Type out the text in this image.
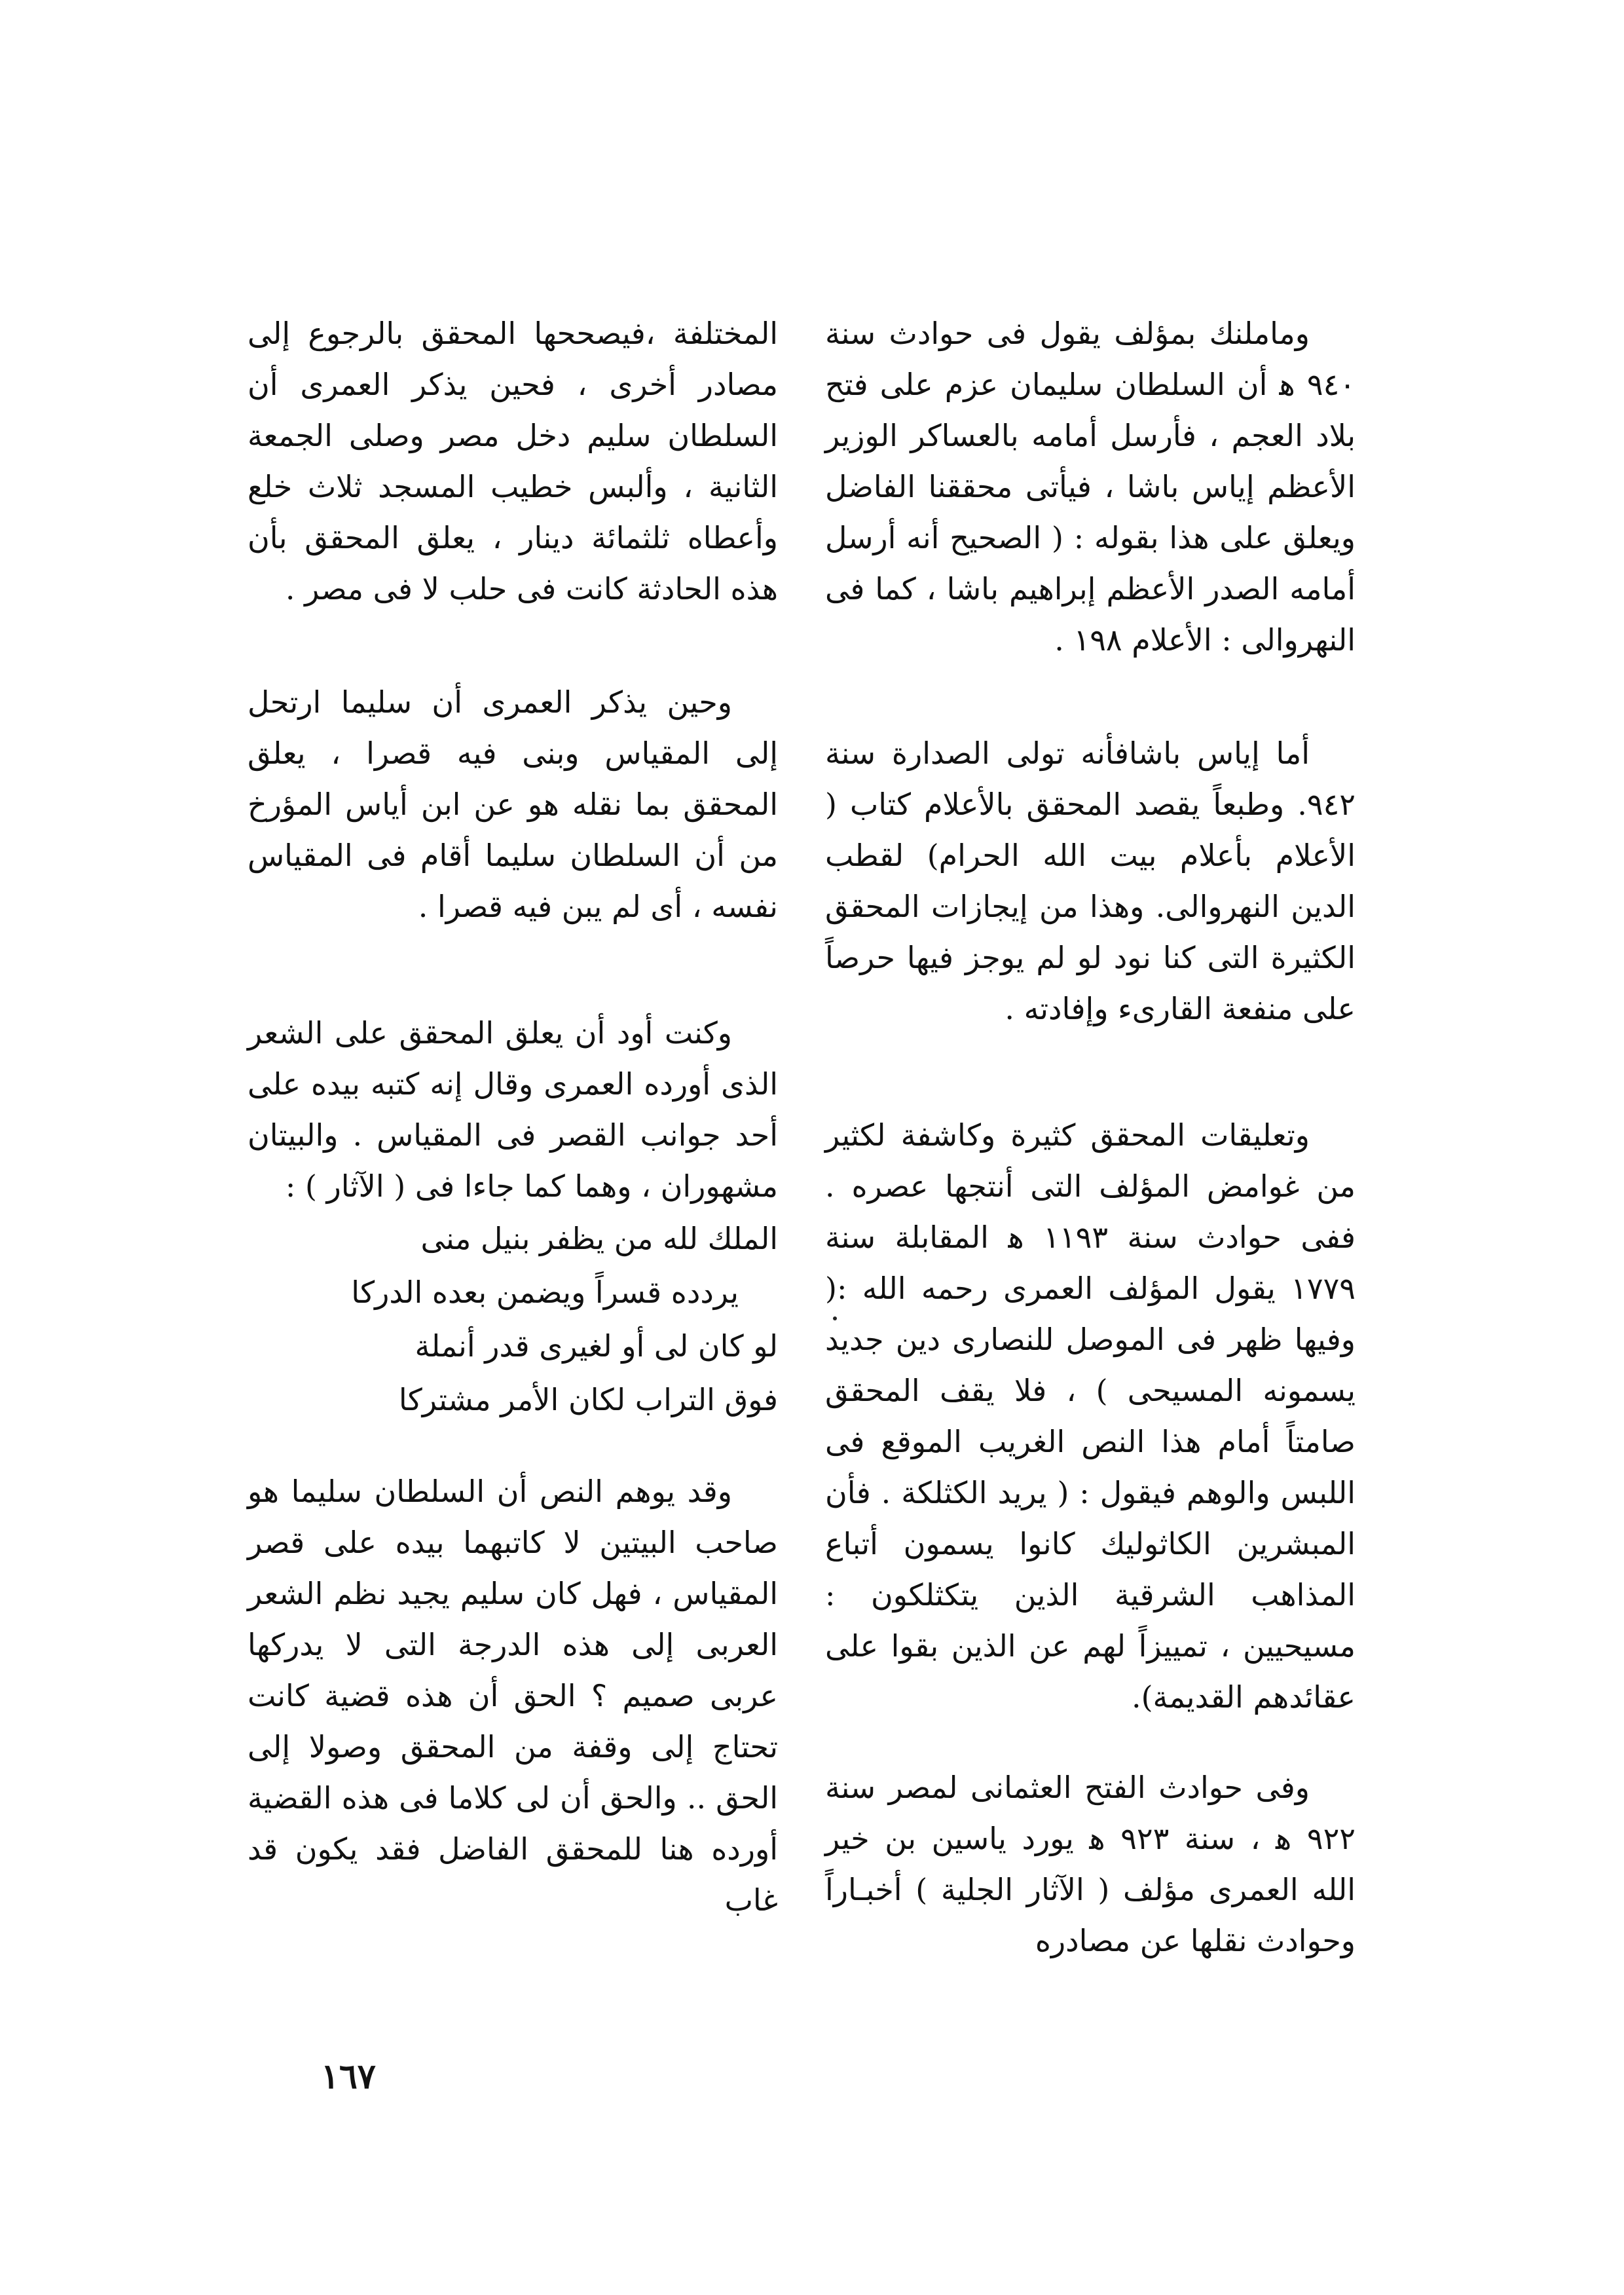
وماملنك بمؤلف يقول فى حوادث سنة ٩٤٠ ﻫ أن السلطان سليمان عزم على فتح بلاد العجم ، فأرسل أمامه بالعساكر الوزير الأعظم إياس باشا ، فيأتى محققنا الفاضل ويعلق على هذا بقوله : ( الصحيح أنه أرسل أمامه الصدر الأعظم إبراهيم باشا ، كما فى النهروالى : الأعلام ١٩٨ .

أما إياس باشافأنه تولى الصدارة سنة ٩٤٢. وطبعاً يقصد المحقق بالأعلام كتاب ( الأعلام بأعلام بيت الله الحرام) لقطب الدين النهروالى. وهذا من إيجازات المحقق الكثيرة التى كنا نود لو لم يوجز فيها حرصاً على منفعة القارىء وإفادته .

وتعليقات المحقق كثيرة وكاشفة لكثير من غوامض المؤلف التى أنتجها عصره . ففى حوادث سنة ١١٩٣ ﻫ المقابلة سنة ١٧٧٩ يقول المؤلف العمرى رحمه الله :( وفيها ظهر فى الموصل للنصارى دين جديد يسمونه المسيحى ) ، فلا يقف المحقق صامتاً أمام هذا النص الغريب الموقع فى اللبس والوهم فيقول : ( يريد الكثلكة . فأن المبشرين الكاثوليك كانوا يسمون أتباع المذاهب الشرقية الذين يتكثلكون : مسيحيين ، تمييزاً لهم عن الذين بقوا على عقائدهم القديمة).

وفى حوادث الفتح العثمانى لمصر سنة ٩٢٢ ﻫ ، سنة ٩٢٣ ﻫ يورد ياسين بن خير الله العمرى مؤلف ( الآثار الجلية ) أخبـاراً وحوادث نقلها عن مصادره

المختلفة ،فيصححها المحقق بالرجوع إلى مصادر أخرى ، فحين يذكر العمرى أن السلطان سليم دخل مصر وصلى الجمعة الثانية ، وألبس خطيب المسجد ثلاث خلع وأعطاه ثلثمائة دينار ، يعلق المحقق بأن هذه الحادثة كانت فى حلب لا فى مصر .

وحين يذكر العمرى أن سليما ارتحل إلى المقياس وبنى فيه قصرا ، يعلق المحقق بما نقله هو عن ابن أياس المؤرخ من أن السلطان سليما أقام فى المقياس نفسه ، أى لم يبن فيه قصرا .

وكنت أود أن يعلق المحقق على الشعر الذى أورده العمرى وقال إنه كتبه بيده على أحد جوانب القصر فى المقياس . والبيتان مشهوران ، وهما كما جاءا فى ( الآثار ) :

الملك لله من يظفر بنيل منى

يردده قسراً ويضمن بعده الدركا

لو كان لى أو لغيرى قدر أنملة

فوق التراب لكان الأمر مشتركا

وقد يوهم النص أن السلطان سليما هو صاحب البيتين لا كاتبهما بيده على قصر المقياس ، فهل كان سليم يجيد نظم الشعر العربى إلى هذه الدرجة التى لا يدركها عربى صميم ؟ الحق أن هذه قضية كانت تحتاج إلى وقفة من المحقق وصولا إلى الحق .. والحق أن لى كلاما فى هذه القضية أورده هنا للمحقق الفاضل فقد يكون قد غاب

١٦٧
